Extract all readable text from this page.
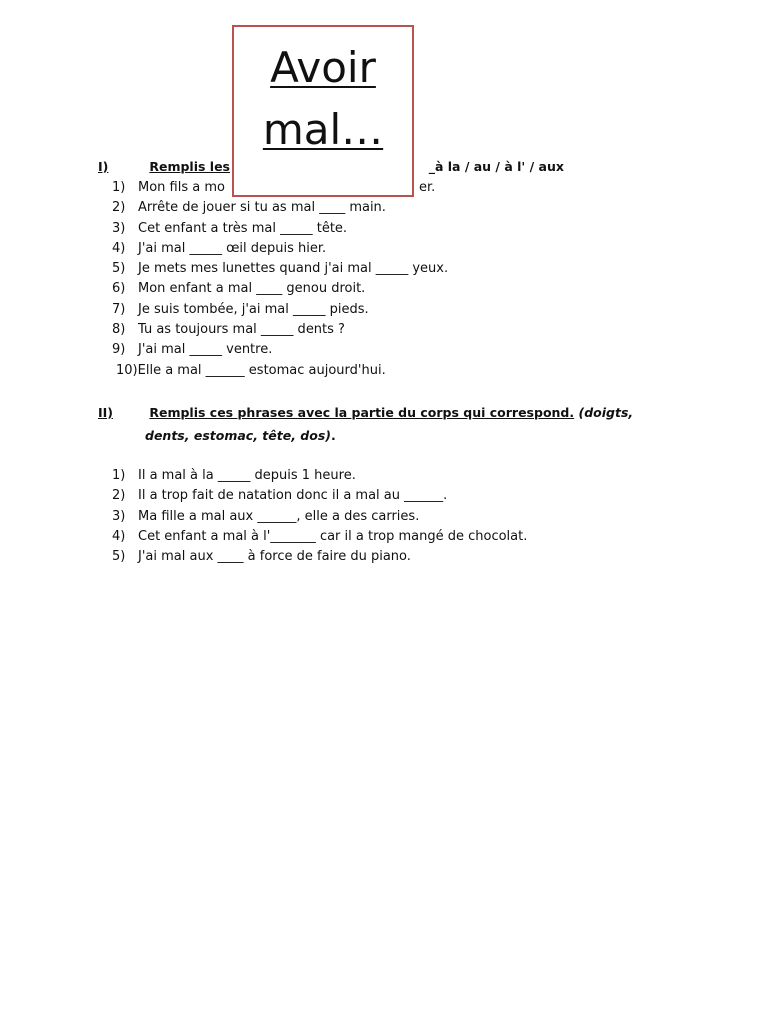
Avoir
mal…
I)	Remplis les	_à la / au / à l' / aux
1) Mon fils a mo	er.
2) Arrête de jouer si tu as mal ____ main.
3) Cet enfant a très mal _____ tête.
4) J'ai mal _____ œil depuis hier.
5) Je mets mes lunettes quand j'ai mal _____ yeux.
6) Mon enfant a mal ____ genou droit.
7) Je suis tombée, j'ai mal _____ pieds.
8) Tu as toujours mal _____ dents ?
9) J'ai mal _____ ventre.
10)Elle a mal ______ estomac aujourd'hui.
II)	Remplis ces phrases avec la partie du corps qui correspond. (doigts,
dents, estomac, tête, dos).
1) Il a mal à la _____ depuis 1 heure.
2) Il a trop fait de natation donc il a mal au ______.
3) Ma fille a mal aux ______, elle a des carries.
4) Cet enfant a mal à l'_______ car il a trop mangé de chocolat.
5) J'ai mal aux ____ à force de faire du piano.
